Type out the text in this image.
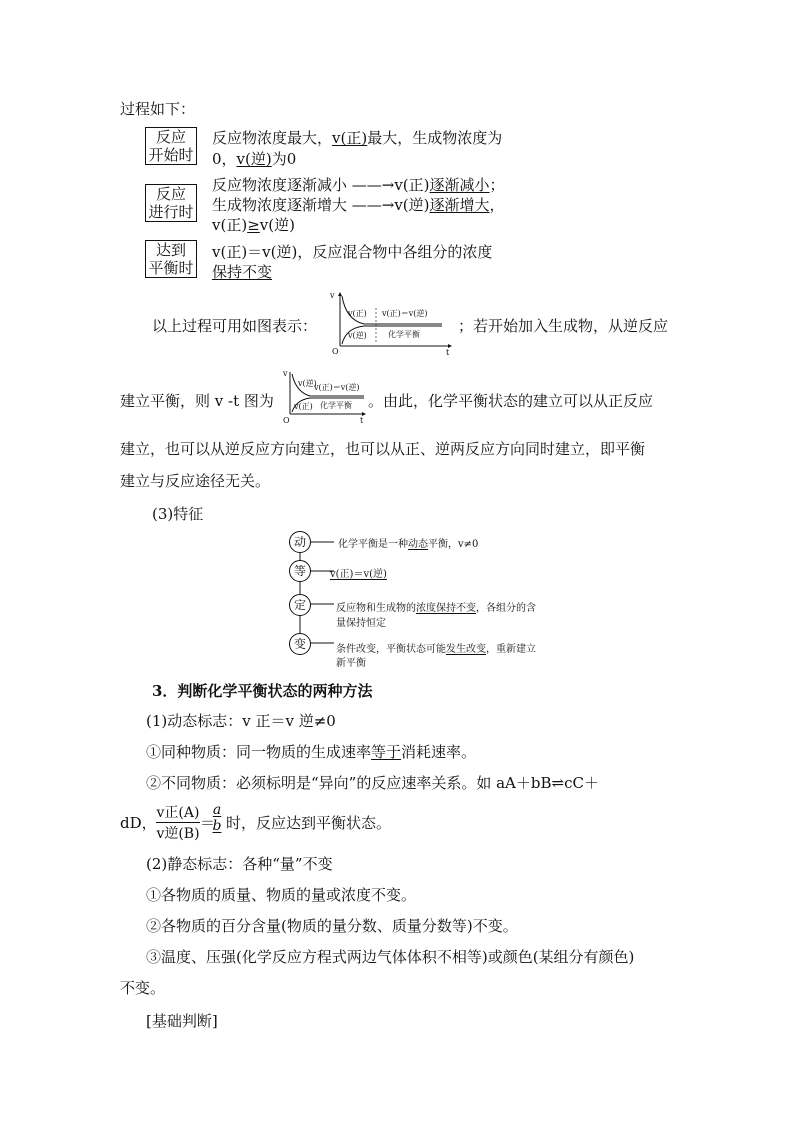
过程如下：
反应
开始时
反应物浓度最大，v(正)最大，生成物浓度为
0，v(逆)为0
反应
进行时
反应物浓度逐渐减小 ——→v(正)逐渐减小；
生成物浓度逐渐增大 ——→v(逆)逐渐增大，
v(正)≥v(逆)
达到
平衡时
v(正)＝v(逆)，反应混合物中各组分的浓度
保持不变
以上过程可用如图表示：
v
t
O
v(正)
v(逆)
v(正)＝v(逆)
化学平衡	；若开始加入生成物，从逆反应
建立平衡，则 v -t 图为
v
t
O
v(逆)
v(正)
v(正)＝v(逆)
化学平衡 。由此，化学平衡状态的建立可以从正反应
建立，也可以从逆反应方向建立，也可以从正、逆两反应方向同时建立，即平衡
建立与反应途径无关。
(3)特征
动	化学平衡是一种动态平衡，v≠0
等	v(正)＝v(逆)
定	反应物和生成物的浓度保持不变，各组分的含
量保持恒定
变	条件改变，平衡状态可能发生改变，重新建立
新平衡
3．判断化学平衡状态的两种方法
(1)动态标志：v 正＝v 逆≠0
①同种物质：同一物质的生成速率等于消耗速率。
②不同物质：必须标明是“异向”的反应速率关系。如 aA＋bB⇌cC＋
dD，
v正(A)
v逆(B)
＝
$\frac{a}{b}$ 时，反应达到平衡状态。
(2)静态标志：各种“量”不变
①各物质的质量、物质的量或浓度不变。
②各物质的百分含量(物质的量分数、质量分数等)不变。
③温度、压强(化学反应方程式两边气体体积不相等)或颜色(某组分有颜色)
不变。
[基础判断]
